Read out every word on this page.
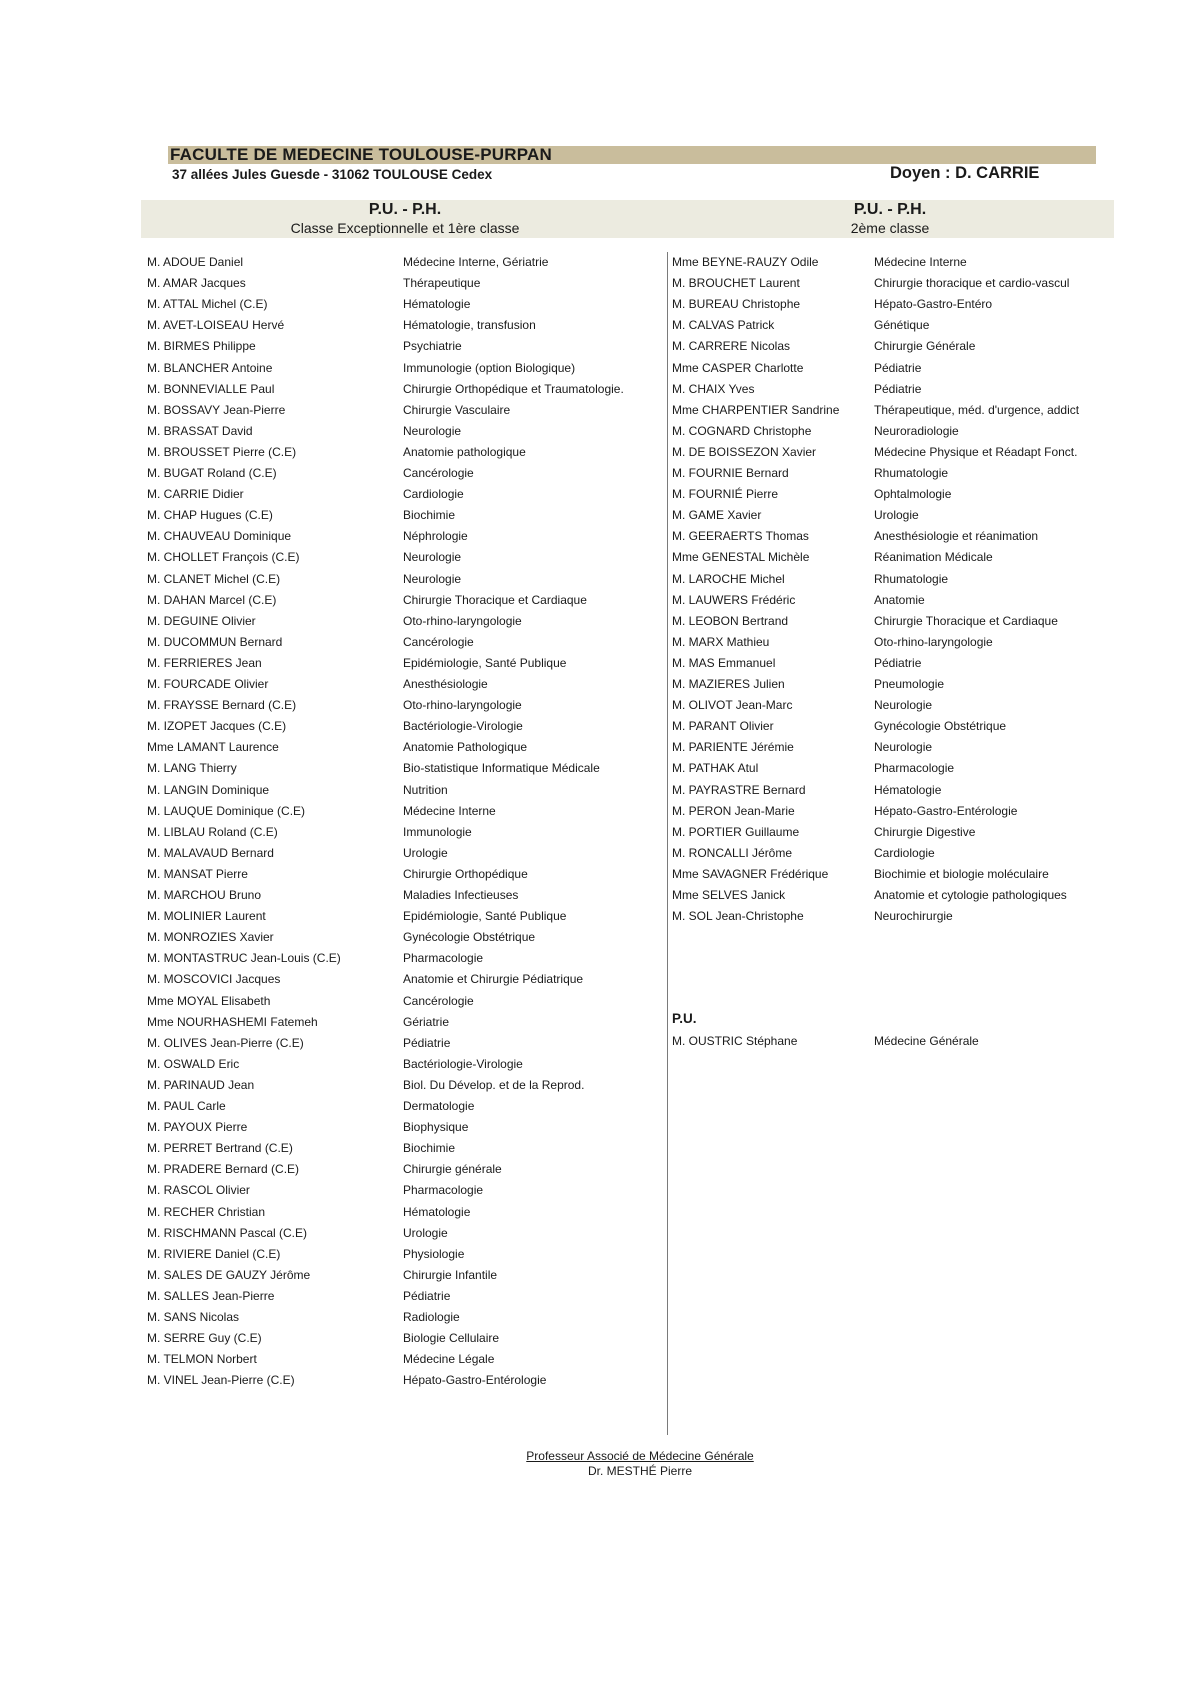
FACULTE DE MEDECINE TOULOUSE-PURPAN
37 allées Jules Guesde - 31062 TOULOUSE Cedex	Doyen : D. CARRIE
P.U. - P.H.
Classe Exceptionnelle et 1ère classe
P.U. - P.H.
2ème classe
M. ADOUE Daniel	Médecine Interne, Gériatrie
M. AMAR Jacques	Thérapeutique
M. ATTAL Michel (C.E)	Hématologie
M. AVET-LOISEAU Hervé	Hématologie, transfusion
M. BIRMES Philippe	Psychiatrie
M. BLANCHER Antoine	Immunologie (option Biologique)
M. BONNEVIALLE Paul	Chirurgie Orthopédique et Traumatologie.
M. BOSSAVY Jean-Pierre	Chirurgie Vasculaire
M. BRASSAT David	Neurologie
M. BROUSSET Pierre (C.E)	Anatomie pathologique
M. BUGAT Roland (C.E)	Cancérologie
M. CARRIE Didier	Cardiologie
M. CHAP Hugues (C.E)	Biochimie
M. CHAUVEAU Dominique	Néphrologie
M. CHOLLET François (C.E)	Neurologie
M. CLANET Michel (C.E)	Neurologie
M. DAHAN Marcel (C.E)	Chirurgie Thoracique et Cardiaque
M. DEGUINE Olivier	Oto-rhino-laryngologie
M. DUCOMMUN Bernard	Cancérologie
M. FERRIERES Jean	Epidémiologie, Santé Publique
M. FOURCADE Olivier	Anesthésiologie
M. FRAYSSE Bernard (C.E)	Oto-rhino-laryngologie
M. IZOPET Jacques (C.E)	Bactériologie-Virologie
Mme LAMANT Laurence	Anatomie Pathologique
M. LANG Thierry	Bio-statistique Informatique Médicale
M. LANGIN Dominique	Nutrition
M. LAUQUE Dominique (C.E)	Médecine Interne
M. LIBLAU Roland (C.E)	Immunologie
M. MALAVAUD Bernard	Urologie
M. MANSAT Pierre	Chirurgie Orthopédique
M. MARCHOU Bruno	Maladies Infectieuses
M. MOLINIER Laurent	Epidémiologie, Santé Publique
M. MONROZIES Xavier	Gynécologie Obstétrique
M. MONTASTRUC Jean-Louis (C.E)	Pharmacologie
M. MOSCOVICI Jacques	Anatomie et Chirurgie Pédiatrique
Mme MOYAL Elisabeth	Cancérologie
Mme NOURHASHEMI Fatemeh	Gériatrie
M. OLIVES Jean-Pierre (C.E)	Pédiatrie
M. OSWALD Eric	Bactériologie-Virologie
M. PARINAUD Jean	Biol. Du Dévelop. et de la Reprod.
M. PAUL Carle	Dermatologie
M. PAYOUX Pierre	Biophysique
M. PERRET Bertrand (C.E)	Biochimie
M. PRADERE Bernard (C.E)	Chirurgie générale
M. RASCOL Olivier	Pharmacologie
M. RECHER Christian	Hématologie
M. RISCHMANN Pascal (C.E)	Urologie
M. RIVIERE Daniel (C.E)	Physiologie
M. SALES DE GAUZY Jérôme	Chirurgie Infantile
M. SALLES Jean-Pierre	Pédiatrie
M. SANS Nicolas	Radiologie
M. SERRE Guy (C.E)	Biologie Cellulaire
M. TELMON Norbert	Médecine Légale
M. VINEL Jean-Pierre (C.E)	Hépato-Gastro-Entérologie
Mme BEYNE-RAUZY Odile	Médecine Interne
M. BROUCHET Laurent	Chirurgie thoracique et cardio-vascul
M. BUREAU Christophe	Hépato-Gastro-Entéro
M. CALVAS Patrick	Génétique
M. CARRERE Nicolas	Chirurgie Générale
Mme CASPER Charlotte	Pédiatrie
M. CHAIX Yves	Pédiatrie
Mme CHARPENTIER Sandrine	Thérapeutique, méd. d'urgence, addict
M. COGNARD Christophe	Neuroradiologie
M. DE BOISSEZON Xavier	Médecine Physique et Réadapt Fonct.
M. FOURNIE Bernard	Rhumatologie
M. FOURNIÉ Pierre	Ophtalmologie
M. GAME Xavier	Urologie
M. GEERAERTS Thomas	Anesthésiologie et réanimation
Mme GENESTAL Michèle	Réanimation Médicale
M. LAROCHE Michel	Rhumatologie
M. LAUWERS Frédéric	Anatomie
M. LEOBON Bertrand	Chirurgie Thoracique et Cardiaque
M. MARX Mathieu	Oto-rhino-laryngologie
M. MAS Emmanuel	Pédiatrie
M. MAZIERES Julien	Pneumologie
M. OLIVOT Jean-Marc	Neurologie
M. PARANT Olivier	Gynécologie Obstétrique
M. PARIENTE Jérémie	Neurologie
M. PATHAK Atul	Pharmacologie
M. PAYRASTRE Bernard	Hématologie
M. PERON Jean-Marie	Hépato-Gastro-Entérologie
M. PORTIER Guillaume	Chirurgie Digestive
M. RONCALLI Jérôme	Cardiologie
Mme SAVAGNER Frédérique	Biochimie et biologie moléculaire
Mme SELVES Janick	Anatomie et cytologie pathologiques
M. SOL Jean-Christophe	Neurochirurgie
P.U.
M. OUSTRIC Stéphane	Médecine Générale
Professeur Associé de Médecine Générale
Dr. MESTHÉ Pierre
